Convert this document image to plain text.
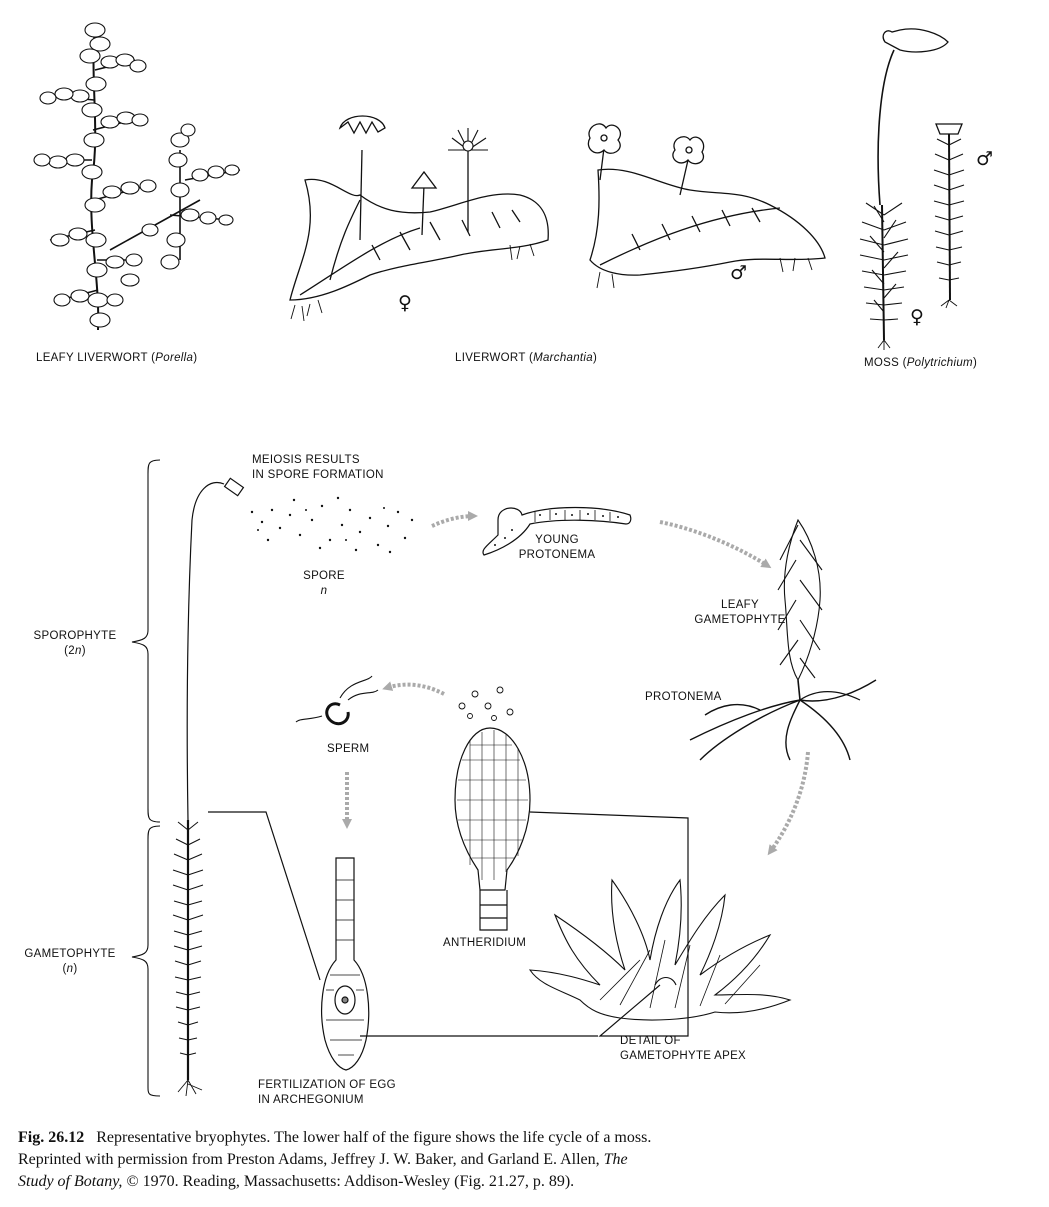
♀
♂
♀
♂
LEAFY LIVERWORT (Porella)	LIVERWORT (Marchantia)	MOSS (Polytrichium)
MEIOSIS RESULTS
IN SPORE FORMATION
SPORE
n
YOUNG
PROTONEMA
LEAFY
GAMETOPHYTE
PROTONEMA
SPERM
ANTHERIDIUM
SPOROPHYTE
(2n)
GAMETOPHYTE
(n)
DETAIL OF
GAMETOPHYTE APEX
FERTILIZATION OF EGG
IN ARCHEGONIUM
Fig. 26.12 Representative bryophytes. The lower half of the figure shows the life cycle of a moss.
Reprinted with permission from Preston Adams, Jeffrey J. W. Baker, and Garland E. Allen, The
Study of Botany, © 1970. Reading, Massachusetts: Addison-Wesley (Fig. 21.27, p. 89).
